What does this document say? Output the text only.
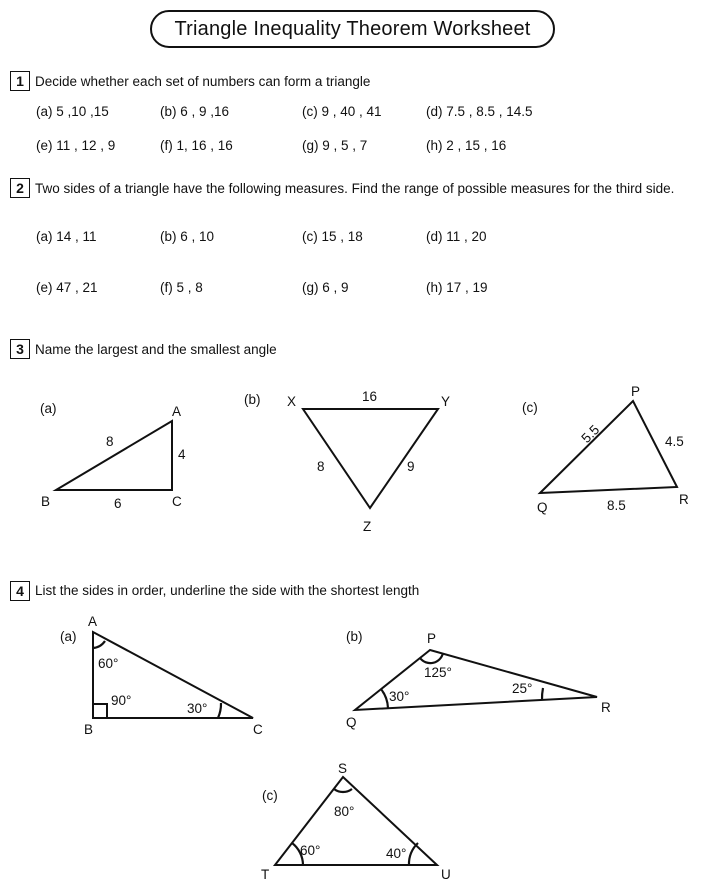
Triangle Inequality Theorem Worksheet
1 Decide whether each set of numbers can form a triangle
(a) 5 ,10 ,15	(b) 6 , 9 ,16	(c) 9 , 40 , 41	(d) 7.5 , 8.5 , 14.5
(e) 11 , 12 , 9	(f) 1, 16 , 16	(g) 9 , 5 , 7	(h) 2 , 15 , 16
2 Two sides of a triangle have the following measures. Find the range of possible measures for the third side.
(a) 14 , 11	(b) 6 , 10	(c) 15 , 18	(d) 11 , 20
(e) 47 , 21	(f) 5 , 8	(g) 6 , 9	(h) 17 , 19
3 Name the largest and the smallest angle
4 List the sides in order, underline the side with the shortest length
(a)	A
B	C
8
4
6
(b) X	Y
Z
16
8	9
(c)
P
Q
R
5.5	4.5
8.5
(a)
A
B	C
60°
90°
30°
(b)	P
Q
R
125°
30°
25°
(c)
S
T	U
80°
60°	40°
